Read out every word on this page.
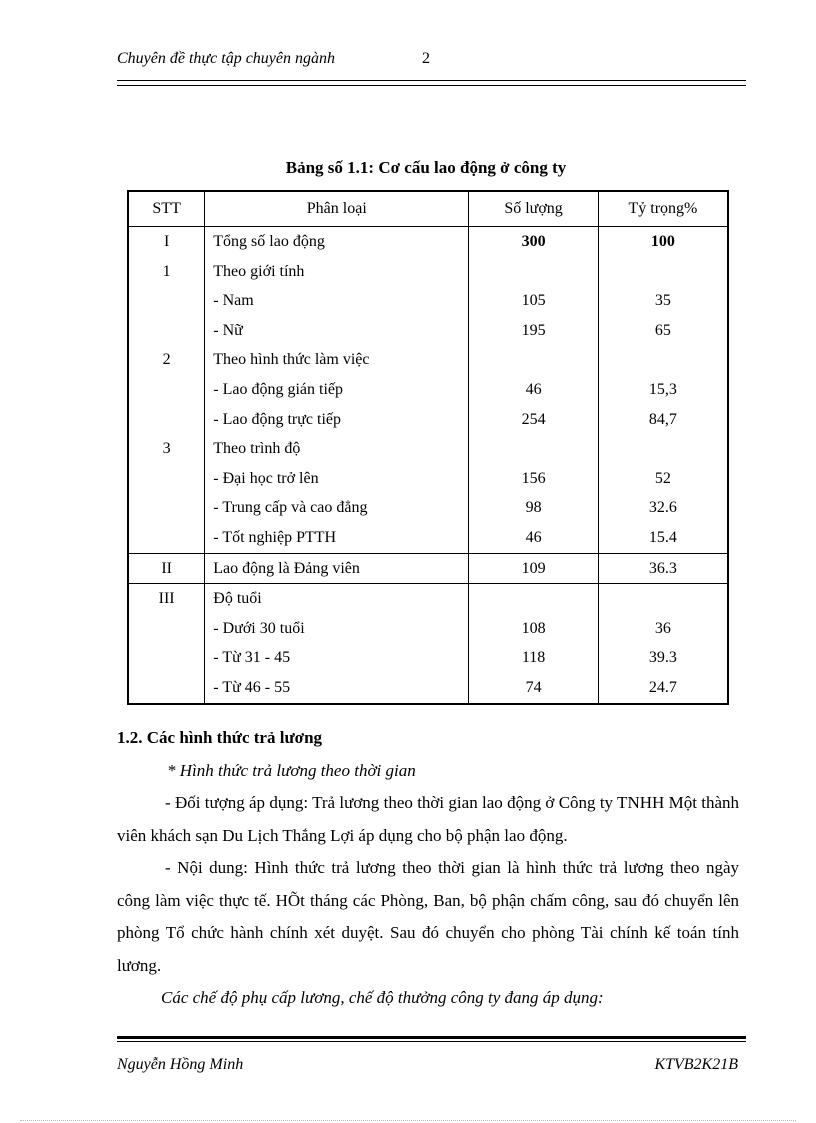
Chuyên đề thực tập chuyên ngành	2
Bảng số 1.1: Cơ cấu lao động ở công ty
STT	Phân loại	Số lượng	Tỷ trọng%
I	Tổng số lao động	300	100
1	Theo giới tính		
	- Nam	105	35
	- Nữ	195	65
2	Theo hình thức làm việc		
	- Lao động gián tiếp	46	15,3
	- Lao động trực tiếp	254	84,7
3	Theo trình độ		
	- Đại học trở lên	156	52
	- Trung cấp và cao đẳng	98	32.6
	- Tốt nghiệp PTTH	46	15.4
II	Lao động là Đảng viên	109	36.3
III	Độ tuổi		
	- Dưới 30 tuổi	108	36
	- Từ 31 - 45	118	39.3
	- Từ 46 - 55	74	24.7
1.2. Các hình thức trả lương
* Hình thức trả lương theo thời gian
- Đối tượng áp dụng: Trả lương theo thời gian lao động ở Công ty TNHH Một thành viên khách sạn Du Lịch Thắng Lợi áp dụng cho bộ phận lao động.
- Nội dung: Hình thức trả lương theo thời gian là hình thức trả lương theo ngày công làm việc thực tế. HÕt tháng các Phòng, Ban, bộ phận chấm công, sau đó chuyển lên phòng Tổ chức hành chính xét duyệt. Sau đó chuyển cho phòng Tài chính kế toán tính lương.
Các chế độ phụ cấp lương, chế độ thưởng công ty đang áp dụng:
Nguyễn Hồng Minh	KTVB2K21B
